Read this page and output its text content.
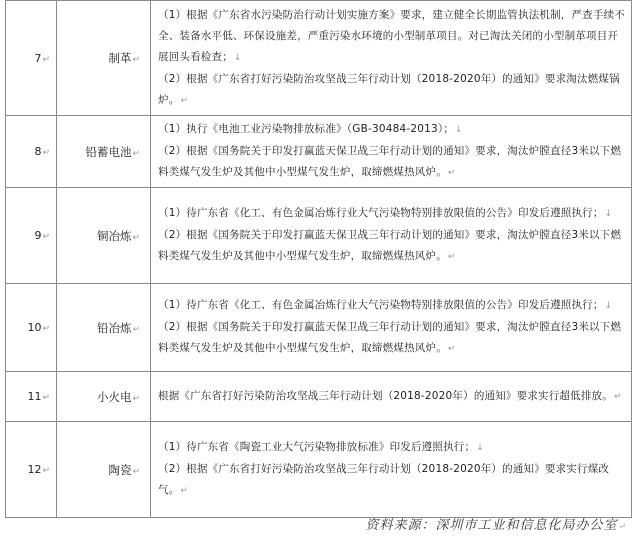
7↵	制革↵	（1）根据《广东省水污染防治行动计划实施方案》要求，建立健全长期监管执法机制，严查手续不全、装备水平低、环保设施差，严重污染水环境的小型制革项目。对已淘汰关闭的小型制革项目开展回头看检查；↓

（2）根据《广东省打好污染防治攻坚战三年行动计划（2018-2020年）的通知》要求淘汰燃煤锅炉。↵

8↵	铅蓄电池↵	（1）执行《电池工业污染物排放标准》（GB-30484-2013）；↓

（2）根据《国务院关于印发打赢蓝天保卫战三年行动计划的通知》要求，淘汰炉膛直径3米以下燃料类煤气发生炉及其他中小型煤气发生炉，取缔燃煤热风炉。↵

9↵	铜冶炼↵	（1）待广东省《化工、有色金属冶炼行业大气污染物特别排放限值的公告》印发后遵照执行；↓

（2）根据《国务院关于印发打赢蓝天保卫战三年行动计划的通知》要求，淘汰炉膛直径3米以下燃料类煤气发生炉及其他中小型煤气发生炉，取缔燃煤热风炉。↵

10↵	铅冶炼↵	（1）待广东省《化工、有色金属冶炼行业大气污染物特别排放限值的公告》印发后遵照执行；↓

（2）根据《国务院关于印发打赢蓝天保卫战三年行动计划的通知》要求，淘汰炉膛直径3米以下燃料类煤气发生炉及其他中小型煤气发生炉，取缔燃煤热风炉。↵

11↵	小火电↵	根据《广东省打好污染防治攻坚战三年行动计划（2018-2020年）的通知》要求实行超低排放。↵

12↵	陶瓷↵	（1）待广东省《陶瓷工业大气污染物排放标准》印发后遵照执行；↓

（2）根据《广东省打好污染防治攻坚战三年行动计划（2018-2020年）的通知》要求实行煤改气。↵

资料来源：深圳市工业和信息化局办公室↵
